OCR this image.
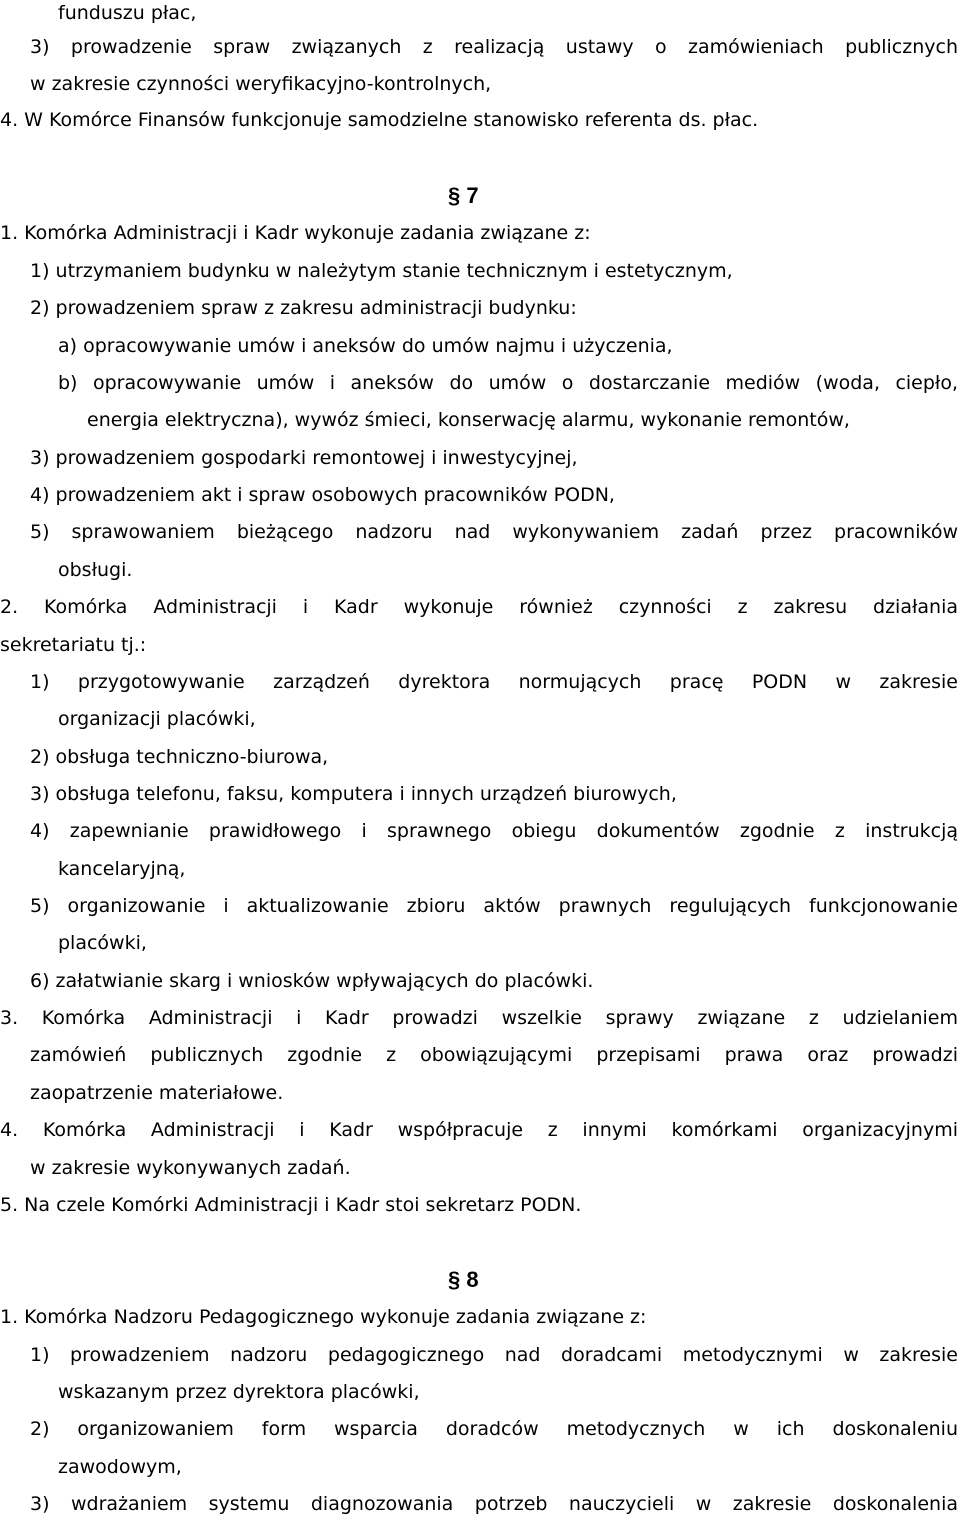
funduszu płac,

3) prowadzenie spraw związanych z realizacją ustawy o zamówieniach publicznych

w zakresie czynności weryfikacyjno-kontrolnych,

4. W Komórce Finansów funkcjonuje samodzielne stanowisko referenta ds. płac.

1. Komórka Administracji i Kadr wykonuje zadania związane z:

1) utrzymaniem budynku w należytym stanie technicznym i estetycznym,

2) prowadzeniem spraw z zakresu administracji budynku:

a) opracowywanie umów i aneksów do umów najmu i użyczenia,

b) opracowywanie umów i aneksów do umów o dostarczanie mediów (woda, ciepło,

energia elektryczna), wywóz śmieci, konserwację alarmu, wykonanie remontów,

3) prowadzeniem gospodarki remontowej i inwestycyjnej,

4) prowadzeniem akt i spraw osobowych pracowników PODN,

5) sprawowaniem bieżącego nadzoru nad wykonywaniem zadań przez pracowników

obsługi.

2. Komórka Administracji i Kadr wykonuje również czynności z zakresu działania

sekretariatu tj.:

1) przygotowywanie zarządzeń dyrektora normujących pracę PODN w zakresie

organizacji placówki,

2) obsługa techniczno-biurowa,

3) obsługa telefonu, faksu, komputera i innych urządzeń biurowych,

4) zapewnianie prawidłowego i sprawnego obiegu dokumentów zgodnie z instrukcją

kancelaryjną,

5) organizowanie i aktualizowanie zbioru aktów prawnych regulujących funkcjonowanie

placówki,

6) załatwianie skarg i wniosków wpływających do placówki.

3. Komórka Administracji i Kadr prowadzi wszelkie sprawy związane z udzielaniem

zamówień publicznych zgodnie z obowiązującymi przepisami prawa oraz prowadzi

zaopatrzenie materiałowe.

4. Komórka Administracji i Kadr współpracuje z innymi komórkami organizacyjnymi

w zakresie wykonywanych zadań.

5. Na czele Komórki Administracji i Kadr stoi sekretarz PODN.

1. Komórka Nadzoru Pedagogicznego wykonuje zadania związane z:

1) prowadzeniem nadzoru pedagogicznego nad doradcami metodycznymi w zakresie

wskazanym przez dyrektora placówki,

2) organizowaniem form wsparcia doradców metodycznych w ich doskonaleniu

zawodowym,

3) wdrażaniem systemu diagnozowania potrzeb nauczycieli w zakresie doskonalenia

§ 7
§ 8
